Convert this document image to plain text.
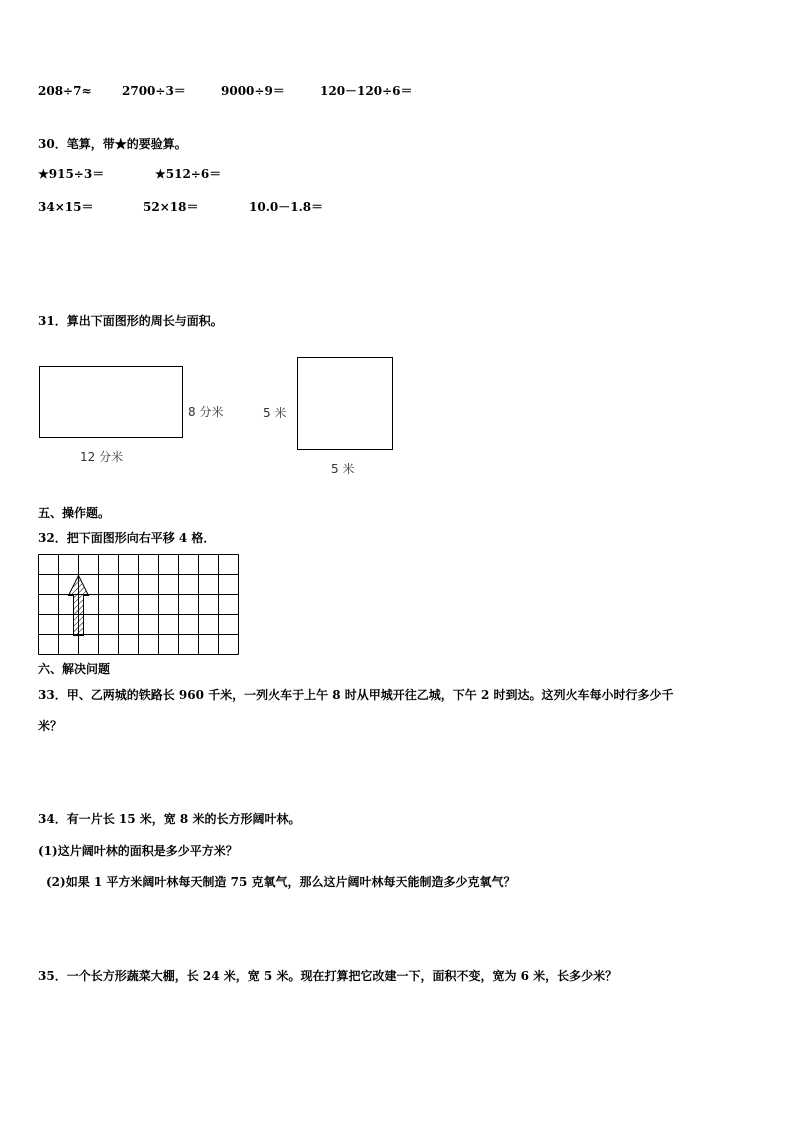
208÷7≈	2700÷3＝	9000÷9＝	120－120÷6＝
30．笔算，带★的要验算。
★915÷3＝	★512÷6＝
34×15＝	52×18＝	10.0－1.8＝
31．算出下面图形的周长与面积。
8 分米
12 分米
5 米
5 米
五、操作题。
32．把下面图形向右平移 4 格．
六、解决问题
33．甲、乙两城的铁路长 960 千米，一列火车于上午 8 时从甲城开往乙城，下午 2 时到达。这列火车每小时行多少千
米？
34．有一片长 15 米，宽 8 米的长方形阔叶林。
(1)这片阔叶林的面积是多少平方米？
(2)如果 1 平方米阔叶林每天制造 75 克氧气，那么这片阔叶林每天能制造多少克氧气？
35．一个长方形蔬菜大棚，长 24 米，宽 5 米。现在打算把它改建一下，面积不变，宽为 6 米，长多少米？
